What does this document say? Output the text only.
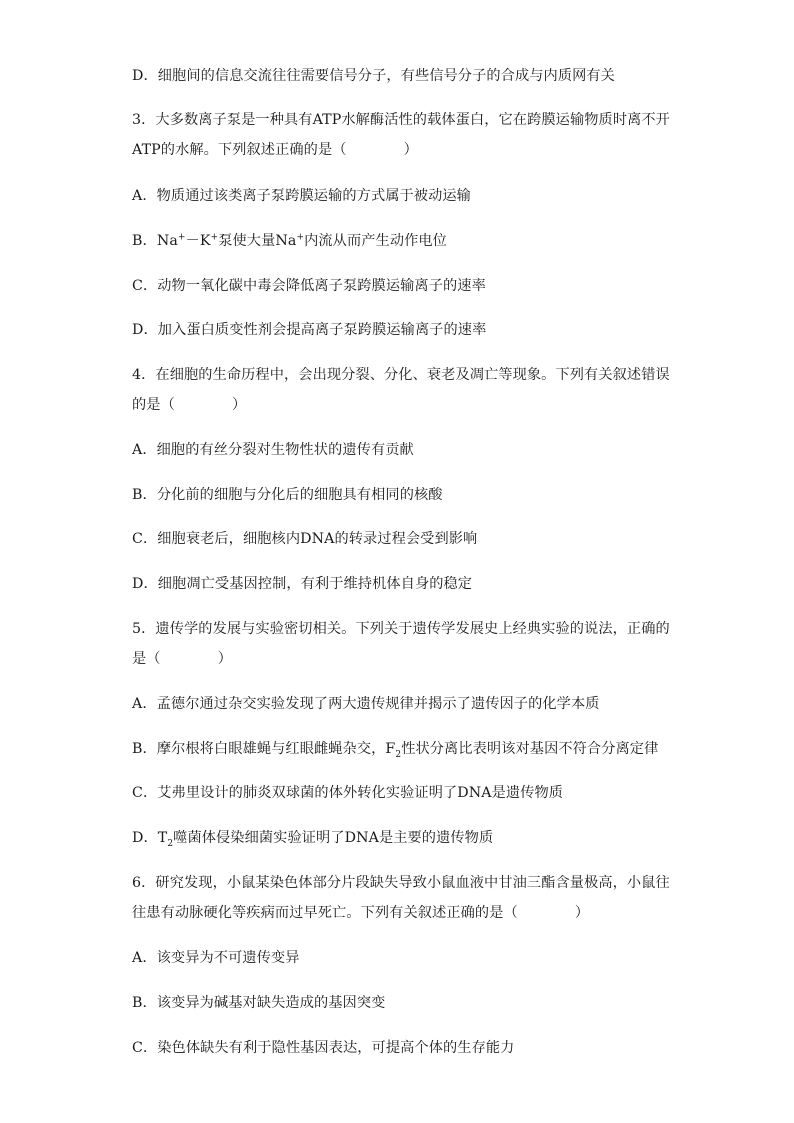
D．细胞间的信息交流往往需要信号分子，有些信号分子的合成与内质网有关
3．大多数离子泵是一种具有ATP水解酶活性的载体蛋白，它在跨膜运输物质时离不开
ATP的水解。下列叙述正确的是（　　　　）
A．物质通过该类离子泵跨膜运输的方式属于被动运输
B．Na+－K+泵使大量Na+内流从而产生动作电位
C．动物一氧化碳中毒会降低离子泵跨膜运输离子的速率
D．加入蛋白质变性剂会提高离子泵跨膜运输离子的速率
4．在细胞的生命历程中，会出现分裂、分化、衰老及凋亡等现象。下列有关叙述错误
的是（　　　　）
A．细胞的有丝分裂对生物性状的遗传有贡献
B．分化前的细胞与分化后的细胞具有相同的核酸
C．细胞衰老后，细胞核内DNA的转录过程会受到影响
D．细胞凋亡受基因控制，有利于维持机体自身的稳定
5．遗传学的发展与实验密切相关。下列关于遗传学发展史上经典实验的说法，正确的
是（　　　　）
A．孟德尔通过杂交实验发现了两大遗传规律并揭示了遗传因子的化学本质
B．摩尔根将白眼雄蝇与红眼雌蝇杂交，$F_2$性状分离比表明该对基因不符合分离定律
C．艾弗里设计的肺炎双球菌的体外转化实验证明了DNA是遗传物质
D．$T_2$噬菌体侵染细菌实验证明了DNA是主要的遗传物质
6．研究发现，小鼠某染色体部分片段缺失导致小鼠血液中甘油三酯含量极高，小鼠往
往患有动脉硬化等疾病而过早死亡。下列有关叙述正确的是（　　　　）
A．该变异为不可遗传变异
B．该变异为碱基对缺失造成的基因突变
C．染色体缺失有利于隐性基因表达，可提高个体的生存能力
